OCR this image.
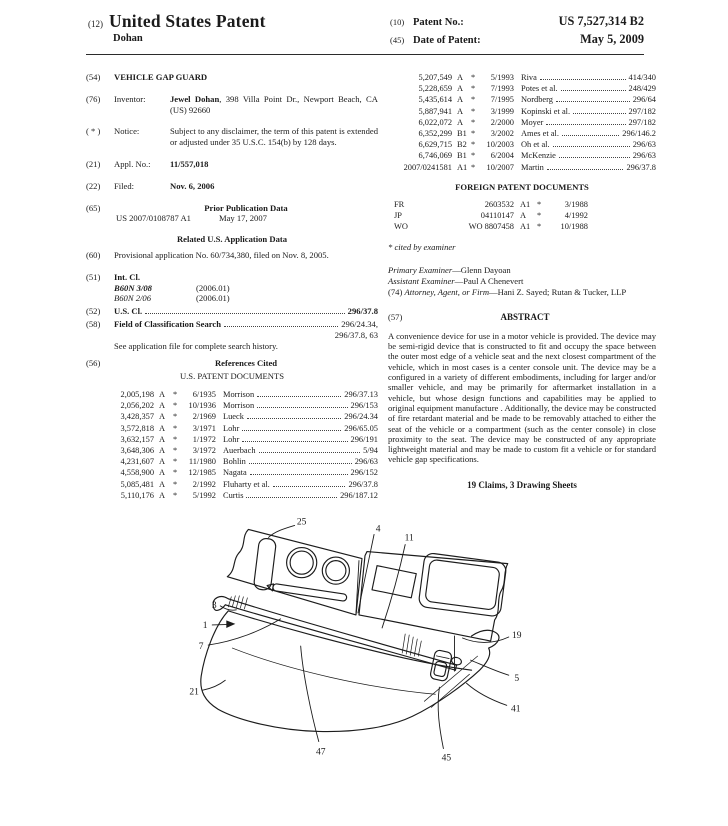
(12) United States Patent
Dohan
(10) Patent No.:	US 7,527,314 B2
(45) Date of Patent:	May 5, 2009
(54)	VEHICLE GAP GUARD
(76)	Inventor:	Jewel Dohan, 398 Villa Point Dr., Newport Beach, CA (US) 92660
( * )	Notice:	Subject to any disclaimer, the term of this patent is extended or adjusted under 35 U.S.C. 154(b) by 128 days.
(21)	Appl. No.:	11/557,018
(22)	Filed:	Nov. 6, 2006
(65)	Prior Publication Data
US 2007/0108787 A1	May 17, 2007
Related U.S. Application Data
(60)	Provisional application No. 60/734,380, filed on Nov. 8, 2005.
(51)	Int. Cl.
B60N 3/08	(2006.01)
B60N 2/06	(2006.01)
(52)	U.S. Cl.	296/37.8
(58)	Field of Classification Search	296/24.34,
296/37.8, 63
See application file for complete search history.
(56)	References Cited
U.S. PATENT DOCUMENTS
2,005,198 A *	6/1935 Morrison	296/37.13
2,056,202 A *	10/1936 Morrison	296/153
3,428,357 A *	2/1969 Lueck	296/24.34
3,572,818 A *	3/1971 Lohr	296/65.05
3,632,157 A *	1/1972 Lohr	296/191
3,648,306 A *	3/1972 Auerbach	5/94
4,231,607 A *	11/1980 Bohlin	296/63
4,558,900 A *	12/1985 Nagata	296/152
5,085,481 A *	2/1992 Fluharty et al.	296/37.8
5,110,176 A *	5/1992 Curtis	296/187.12
5,207,549 A *	5/1993 Riva	414/340
5,228,659 A *	7/1993 Potes et al.	248/429
5,435,614 A *	7/1995 Nordberg	296/64
5,887,941 A *	3/1999 Kopinski et al.	297/182
6,022,072 A *	2/2000 Moyer	297/182
6,352,299 B1 *	3/2002 Ames et al.	296/146.2
6,629,715 B2 *	10/2003 Oh et al.	296/63
6,746,069 B1 *	6/2004 McKenzie	296/63
2007/0241581 A1 *	10/2007 Martin	296/37.8
FOREIGN PATENT DOCUMENTS
FR	2603532 A1 *	3/1988
JP	04110147 A	*	4/1992
WO	WO 8807458 A1 *	10/1988
* cited by examiner
Primary Examiner—Glenn Dayoan
Assistant Examiner—Paul A Chenevert
(74) Attorney, Agent, or Firm—Hani Z. Sayed; Rutan & Tucker, LLP
(57)	ABSTRACT
A convenience device for use in a motor vehicle is provided. The device may be semi-rigid device that is constructed to fit and occupy the space between the outer most edge of a vehicle seat and the next closest compartment of the vehicle, which in most cases is a center console unit. The device may be a configured in a variety of different embodiments, including for larger and/or smaller vehicle, and may be primarily for aftermarket installation in a vehicle, but whose design functions and capabilities may be applied to original equipment manufacture . Additionally, the device may be constructed of fire retardant material and be made to be removably attached to either the seat of the vehicle or a compartment (such as the center console) in close proximity to the seat. The device may be constructed of any appropriate lightweight material and may be made to custom fit a vehicle or for standard vehicle gap specifications.
19 Claims, 3 Drawing Sheets
25
4
11
3
1
7
19
21
5
41
47
45
